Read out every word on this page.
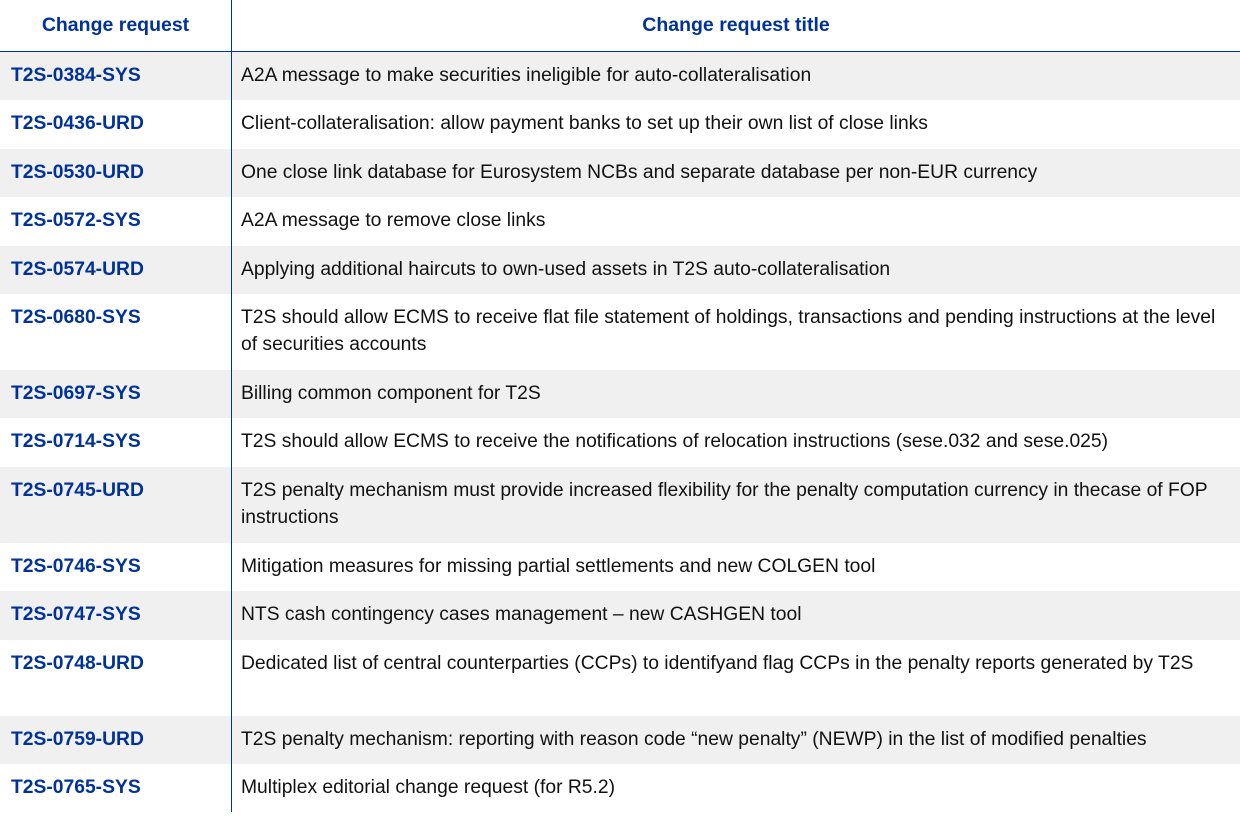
Change request	Change request title
T2S-0384-SYS	A2A message to make securities ineligible for auto-collateralisation
T2S-0436-URD	Client-collateralisation: allow payment banks to set up their own list of close links
T2S-0530-URD	One close link database for Eurosystem NCBs and separate database per non-EUR currency
T2S-0572-SYS	A2A message to remove close links
T2S-0574-URD	Applying additional haircuts to own-used assets in T2S auto-collateralisation
T2S-0680-SYS	T2S should allow ECMS to receive flat file statement of holdings, transactions and pending instructions at the level of securities accounts
T2S-0697-SYS	Billing common component for T2S
T2S-0714-SYS	T2S should allow ECMS to receive the notifications of relocation instructions (sese.032 and sese.025)
T2S-0745-URD	T2S penalty mechanism must provide increased flexibility for the penalty computation currency in thecase of FOP instructions
T2S-0746-SYS	Mitigation measures for missing partial settlements and new COLGEN tool
T2S-0747-SYS	NTS cash contingency cases management – new CASHGEN tool
T2S-0748-URD	Dedicated list of central counterparties (CCPs) to identifyand flag CCPs in the penalty reports generated by T2S
T2S-0759-URD	T2S penalty mechanism: reporting with reason code “new penalty” (NEWP) in the list of modified penalties
T2S-0765-SYS	Multiplex editorial change request (for R5.2)
